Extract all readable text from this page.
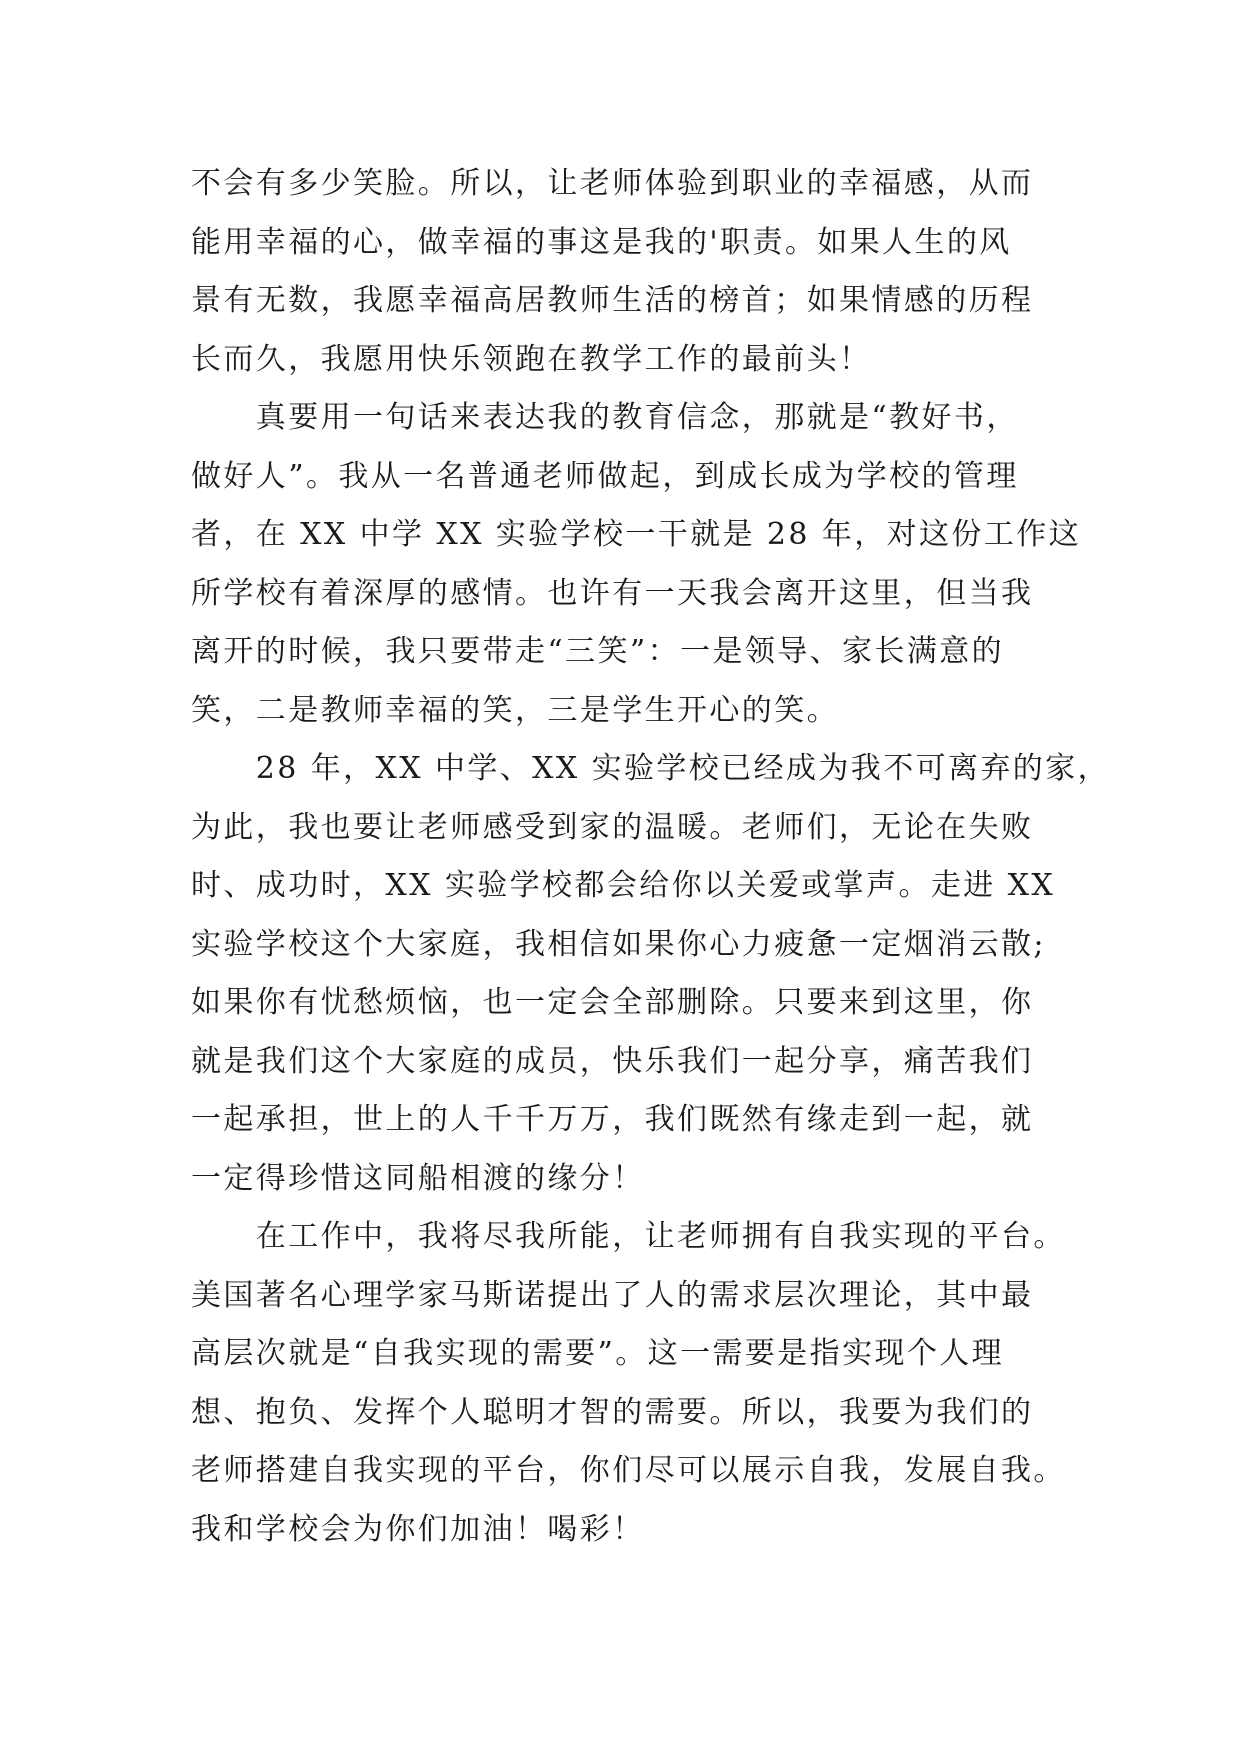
不会有多少笑脸。所以，让老师体验到职业的幸福感，从而
能用幸福的心，做幸福的事这是我的'职责。如果人生的风
景有无数，我愿幸福高居教师生活的榜首；如果情感的历程
长而久，我愿用快乐领跑在教学工作的最前头！
　　真要用一句话来表达我的教育信念，那就是“教好书，
做好人”。我从一名普通老师做起，到成长成为学校的管理
者，在 XX 中学 XX 实验学校一干就是 28 年，对这份工作这
所学校有着深厚的感情。也许有一天我会离开这里，但当我
离开的时候，我只要带走“三笑”：一是领导、家长满意的
笑，二是教师幸福的笑，三是学生开心的笑。
　　28 年，XX 中学、XX 实验学校已经成为我不可离弃的家，
为此，我也要让老师感受到家的温暖。老师们，无论在失败
时、成功时，XX 实验学校都会给你以关爱或掌声。走进 XX
实验学校这个大家庭，我相信如果你心力疲惫一定烟消云散;
如果你有忧愁烦恼，也一定会全部删除。只要来到这里，你
就是我们这个大家庭的成员，快乐我们一起分享，痛苦我们
一起承担，世上的人千千万万，我们既然有缘走到一起，就
一定得珍惜这同船相渡的缘分！
　　在工作中，我将尽我所能，让老师拥有自我实现的平台。
美国著名心理学家马斯诺提出了人的需求层次理论，其中最
高层次就是“自我实现的需要”。这一需要是指实现个人理
想、抱负、发挥个人聪明才智的需要。所以，我要为我们的
老师搭建自我实现的平台，你们尽可以展示自我，发展自我。
我和学校会为你们加油！喝彩！
